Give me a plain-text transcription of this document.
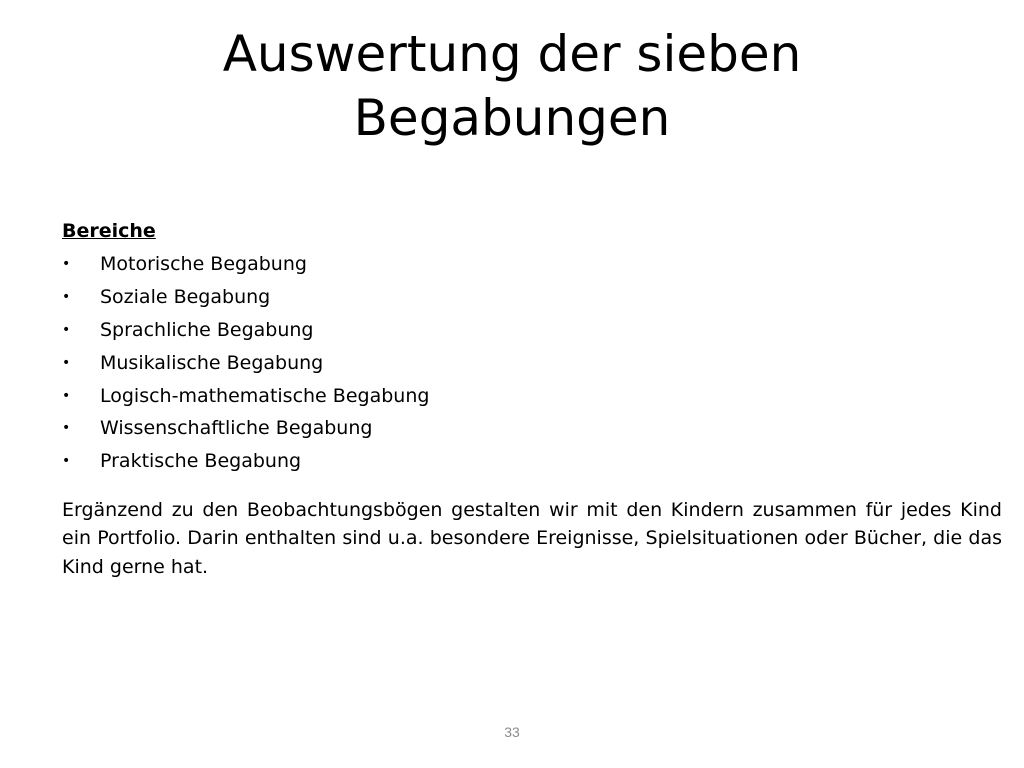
Auswertung der sieben Begabungen

Bereiche

•	Motorische Begabung
•	Soziale Begabung
•	Sprachliche Begabung
•	Musikalische Begabung
•	Logisch-mathematische Begabung
•	Wissenschaftliche Begabung
•	Praktische Begabung

Ergänzend zu den Beobachtungsbögen gestalten wir mit den Kindern zusammen für jedes Kind ein Portfolio. Darin enthalten sind u.a. besondere Ereignisse, Spielsituationen oder Bücher, die das Kind gerne hat.

33
